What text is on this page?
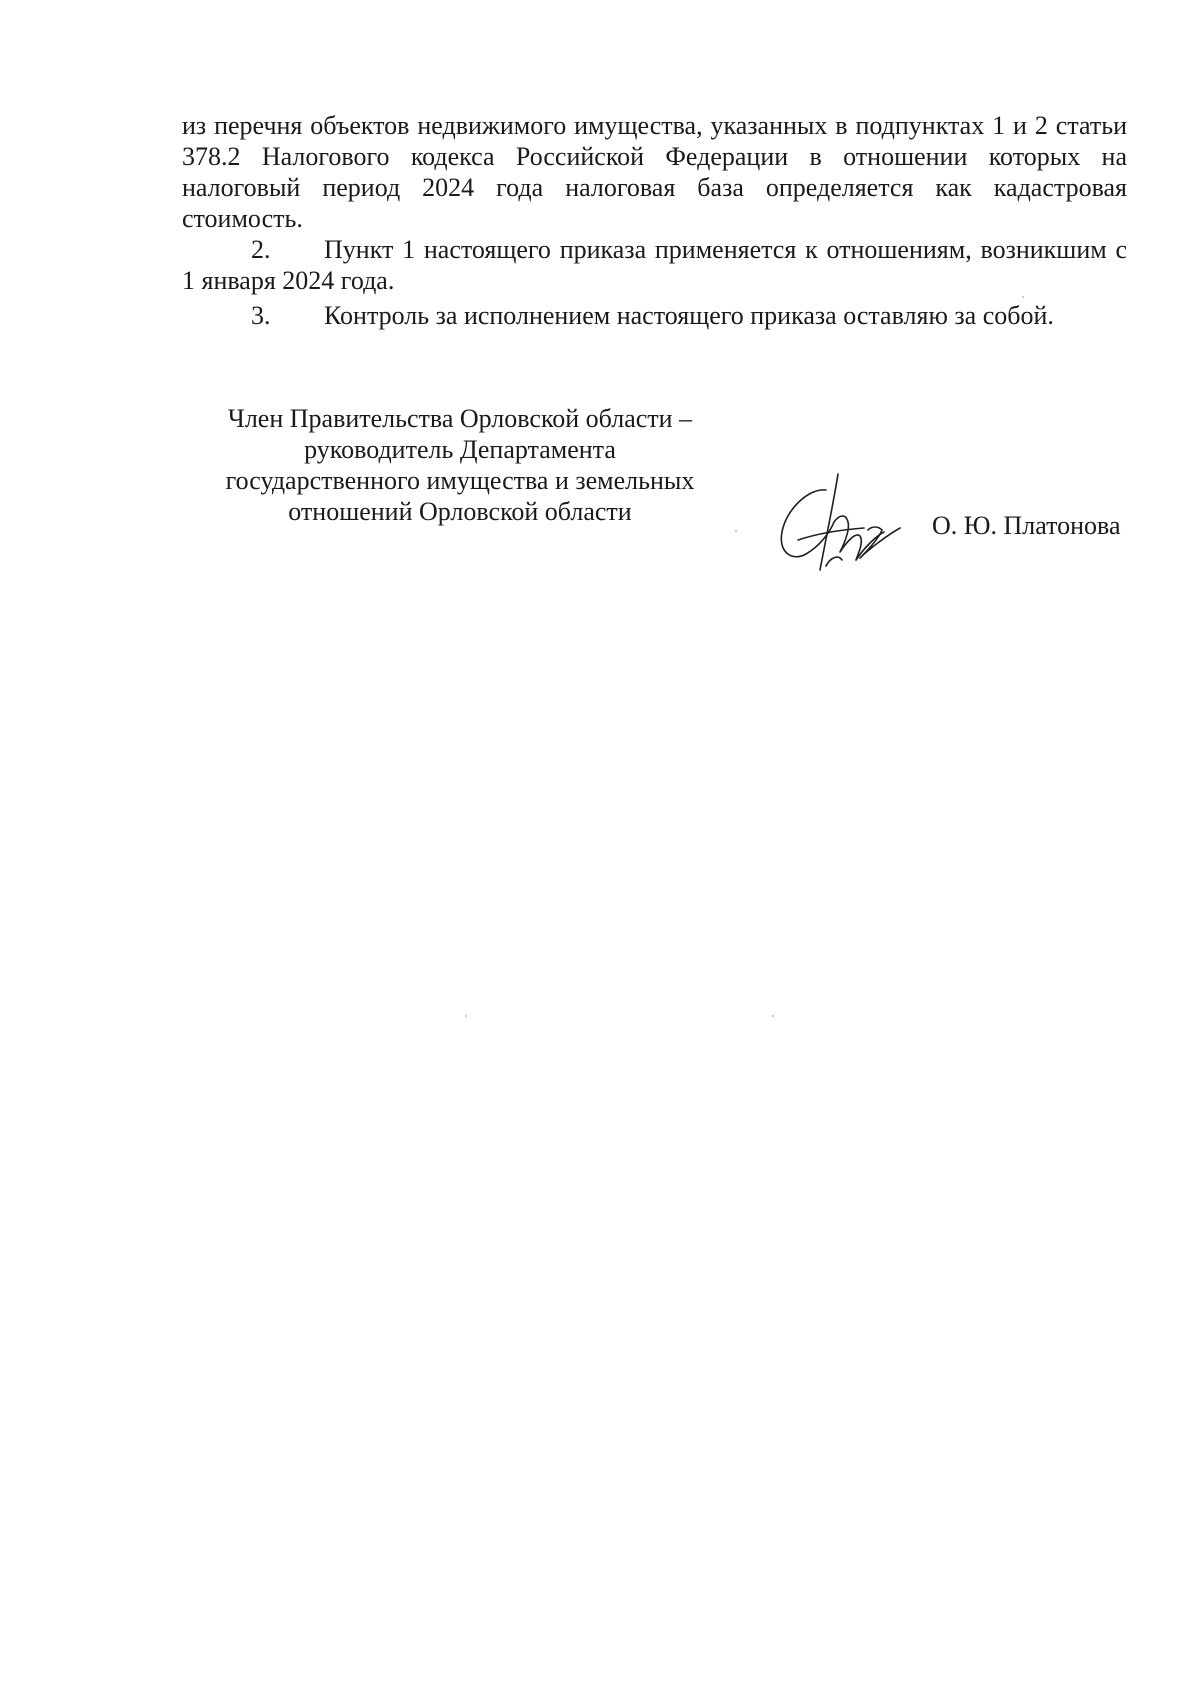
из перечня объектов недвижимого имущества, указанных в подпунктах 1 и 2 статьи 378.2 Налогового кодекса Российской Федерации в отношении которых на налоговый период 2024 года налоговая база определяется как кадастровая стоимость.

2. Пункт 1 настоящего приказа применяется к отношениям, возникшим с 1 января 2024 года.

3. Контроль за исполнением настоящего приказа оставляю за собой.

Член Правительства Орловской области –
руководитель Департамента
государственного имущества и земельных
отношений Орловской области	О. Ю. Платонова
